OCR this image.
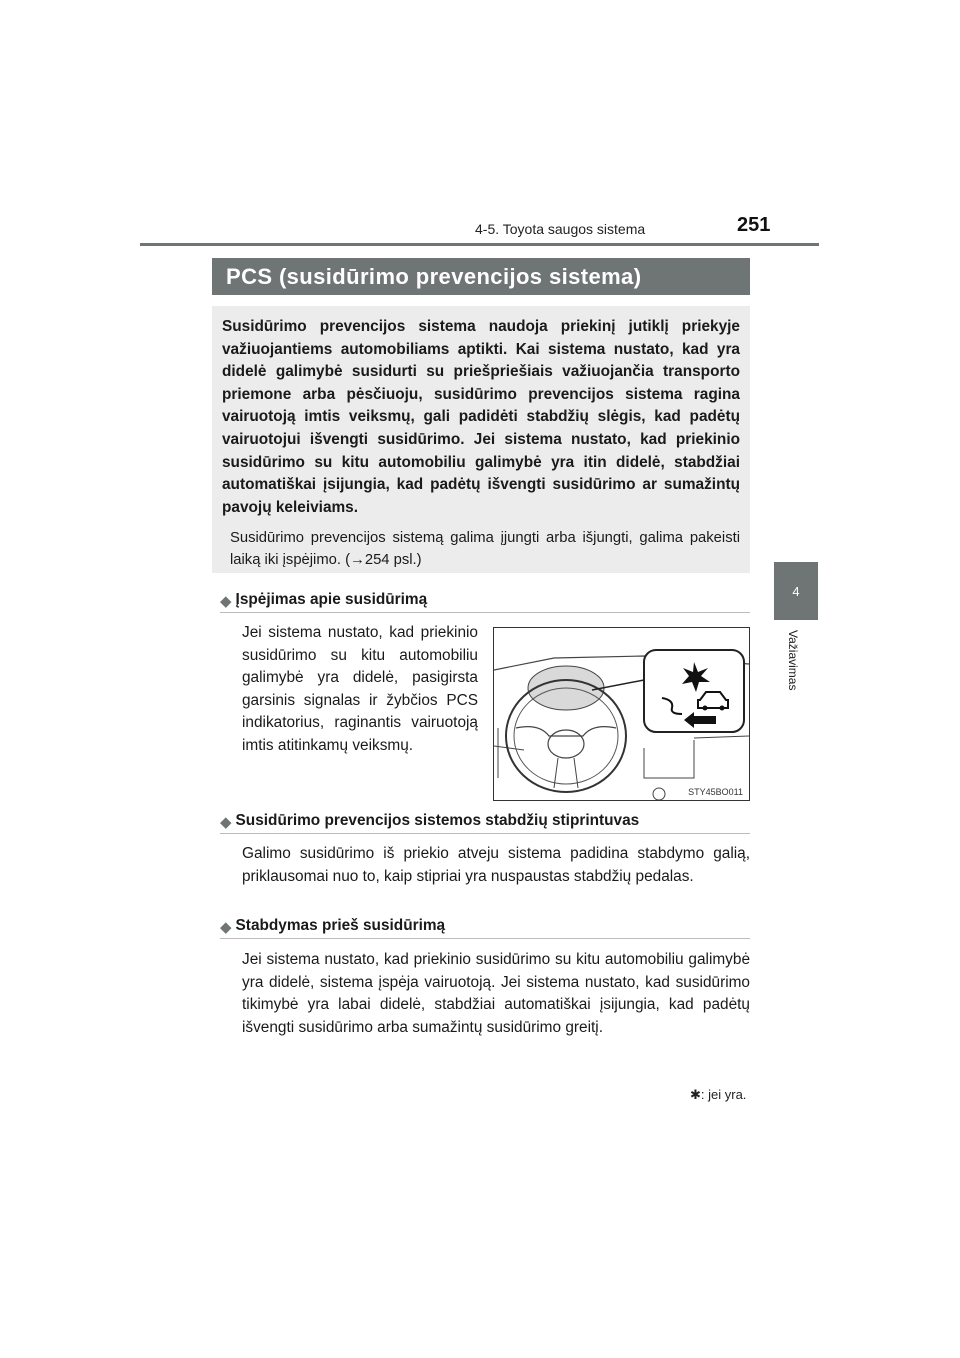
4-5. Toyota saugos sistema	251
4
Važiavimas
PCS (susidūrimo prevencijos sistema)

Susidūrimo prevencijos sistema naudoja priekinį jutiklį priekyje važiuojantiems automobiliams aptikti. Kai sistema nustato, kad yra didelė galimybė susidurti su priešpriešiais važiuojančia transporto priemone arba pėsčiuoju, susidūrimo prevencijos sistema ragina vairuotoją imtis veiksmų, gali padidėti stabdžių slėgis, kad padėtų vairuotojui išvengti susidūrimo. Jei sistema nustato, kad priekinio susidūrimo su kitu automobiliu galimybė yra itin didelė, stabdžiai automatiškai įsijungia, kad padėtų išvengti susidūrimo ar sumažintų pavojų keleiviams.

Susidūrimo prevencijos sistemą galima įjungti arba išjungti, galima pakeisti laiką iki įspėjimo. (→254 psl.)

◆ Įspėjimas apie susidūrimą

Jei sistema nustato, kad priekinio susidūrimo su kitu automobiliu galimybė yra didelė, pasigirsta garsinis signalas ir žybčios PCS indikatorius, raginantis vairuotoją imtis atitinkamų veiksmų.

STY45BO011
◆ Susidūrimo prevencijos sistemos stabdžių stiprintuvas

Galimo susidūrimo iš priekio atveju sistema padidina stabdymo galią, priklausomai nuo to, kaip stipriai yra nuspaustas stabdžių pedalas.

◆ Stabdymas prieš susidūrimą

Jei sistema nustato, kad priekinio susidūrimo su kitu automobiliu galimybė yra didelė, sistema įspėja vairuotoją. Jei sistema nustato, kad susidūrimo tikimybė yra labai didelė, stabdžiai automatiškai įsijungia, kad padėtų išvengti susidūrimo arba sumažintų susidūrimo greitį.

✱: jei yra.
